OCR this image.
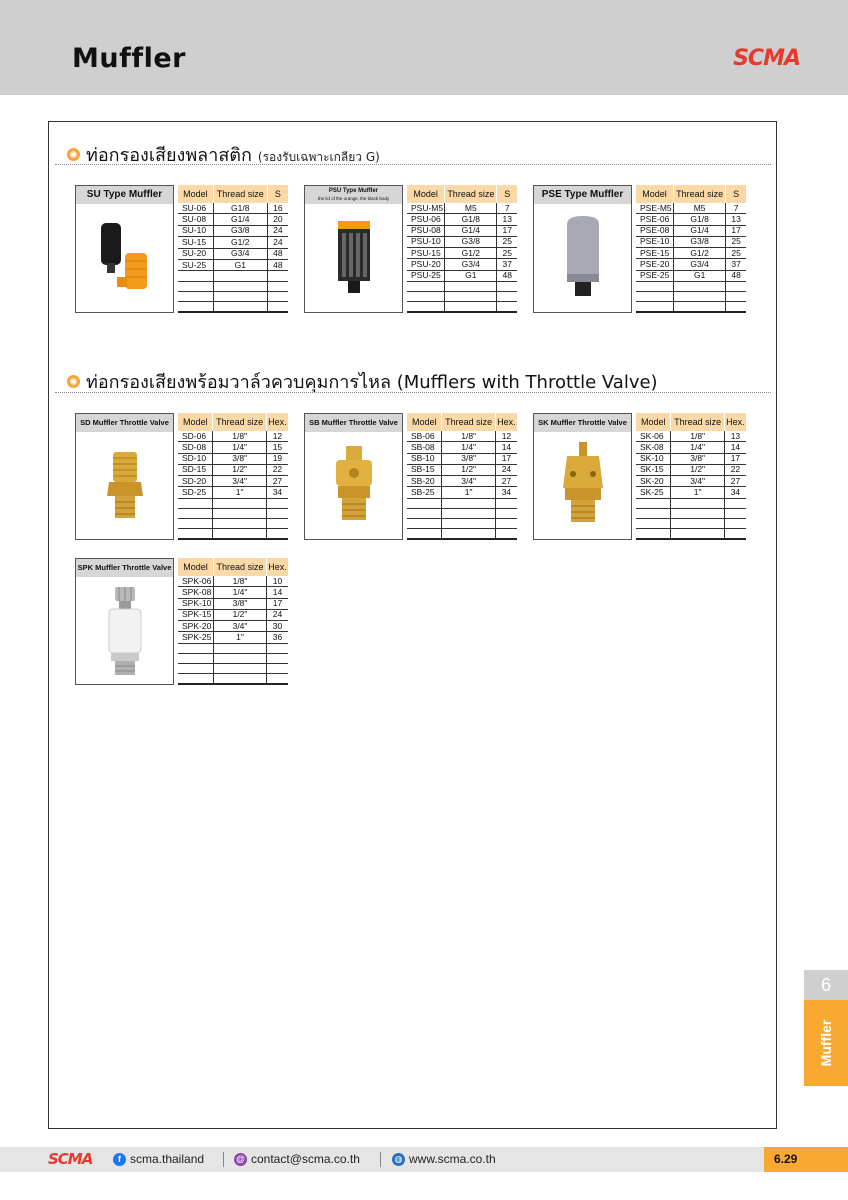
Muffler	SCMA
ท่อกรองเสียงพลาสติก (รองรับเฉพาะเกลียว G)
ท่อกรองเสียงพร้อมวาล์วควบคุมการไหล (Mufflers with Throttle Valve)
SU Type Muffler	Model	Thread size	S
SU-06	G1/8	16
SU-08	G1/4	20
SU-10	G3/8	24
SU-15	G1/2	24
SU-20	G3/4	48
SU-25	G1	48

PSU Type Muffler
the lid of the orange, the black body	Model	Thread size	S
PSU-M5	M5	7
PSU-06	G1/8	13
PSU-08	G1/4	17
PSU-10	G3/8	25
PSU-15	G1/2	25
PSU-20	G3/4	37
PSU-25	G1	48

PSE Type Muffler	Model	Thread size	S
PSE-M5	M5	7
PSE-06	G1/8	13
PSE-08	G1/4	17
PSE-10	G3/8	25
PSE-15	G1/2	25
PSE-20	G3/4	37
PSE-25	G1	48

SD Muffler Throttle Valve	Model	Thread size	Hex.
SD-06	1/8"	12
SD-08	1/4"	15
SD-10	3/8"	19
SD-15	1/2"	22
SD-20	3/4"	27
SD-25	1"	34

SB Muffler Throttle Valve	Model	Thread size	Hex.
SB-06	1/8"	12
SB-08	1/4"	14
SB-10	3/8"	17
SB-15	1/2"	24
SB-20	3/4"	27
SB-25	1"	34

SK Muffler Throttle Valve	Model	Thread size	Hex.
SK-06	1/8"	13
SK-08	1/4"	14
SK-10	3/8"	17
SK-15	1/2"	22
SK-20	3/4"	27
SK-25	1"	34

SPK Muffler Throttle Valve Model	Thread size	Hex.
SPK-06	1/8"	10
SPK-08	1/4"	14
SPK-10	3/8"	17
SPK-15	1/2"	24
SPK-20	3/4"	30
SPK-25	1"	36

6
Muffler
SCMA	f scma.thailand	@ contact@scma.co.th	◍ www.scma.co.th	6.29
